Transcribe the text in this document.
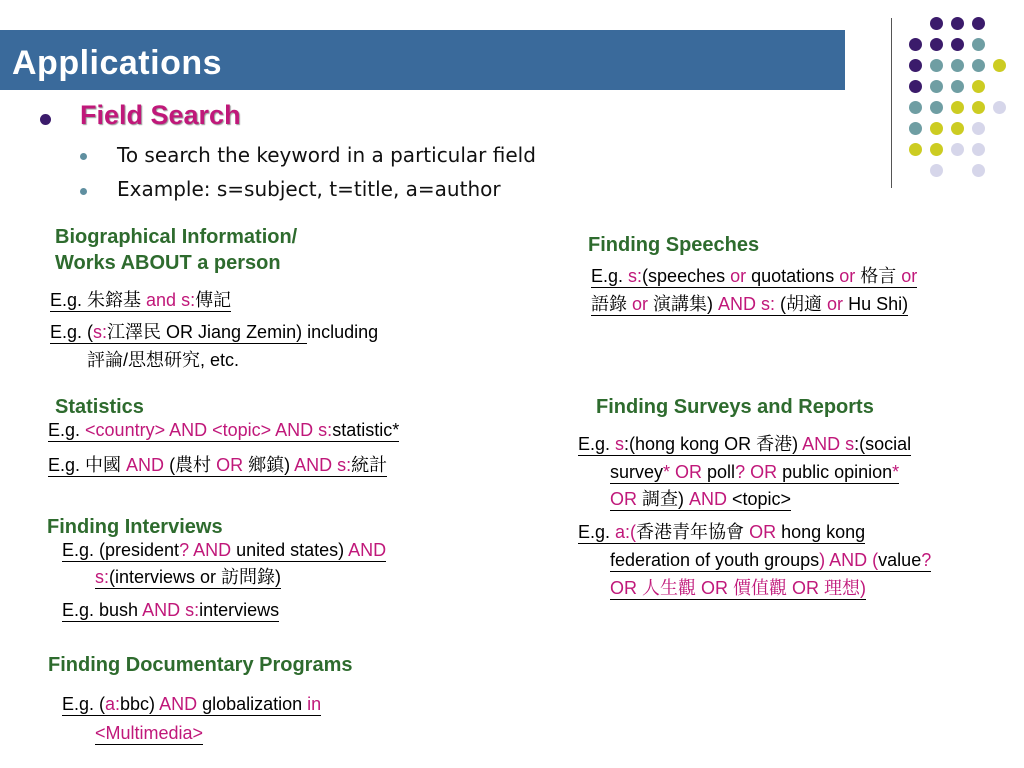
Applications
Field Search
To search the keyword in a particular field
Example: s=subject, t=title, a=author
Biographical Information/
Works ABOUT a person
E.g. 朱鎔基 and s:傳記
E.g. (s:江澤民 OR Jiang Zemin) including
評論/思想研究, etc.
Finding Speeches
E.g. s:(speeches or quotations or 格言 or
語錄 or 演講集) AND s: (胡適 or Hu Shi)
Statistics
E.g. <country> AND <topic> AND s:statistic*
E.g. 中國 AND (農村 OR 鄉鎮) AND s:統計
Finding Surveys and Reports
E.g. s:(hong kong OR 香港) AND s:(social
survey* OR poll? OR public opinion*
OR 調查) AND <topic>
E.g. a:(香港青年協會 OR hong kong
federation of youth groups) AND (value?
OR 人生觀 OR 價值觀 OR 理想)
Finding Interviews
E.g. (president? AND united states) AND
s:(interviews or 訪問錄)
E.g. bush AND s:interviews
Finding Documentary Programs
E.g. (a:bbc) AND globalization in
<Multimedia>
